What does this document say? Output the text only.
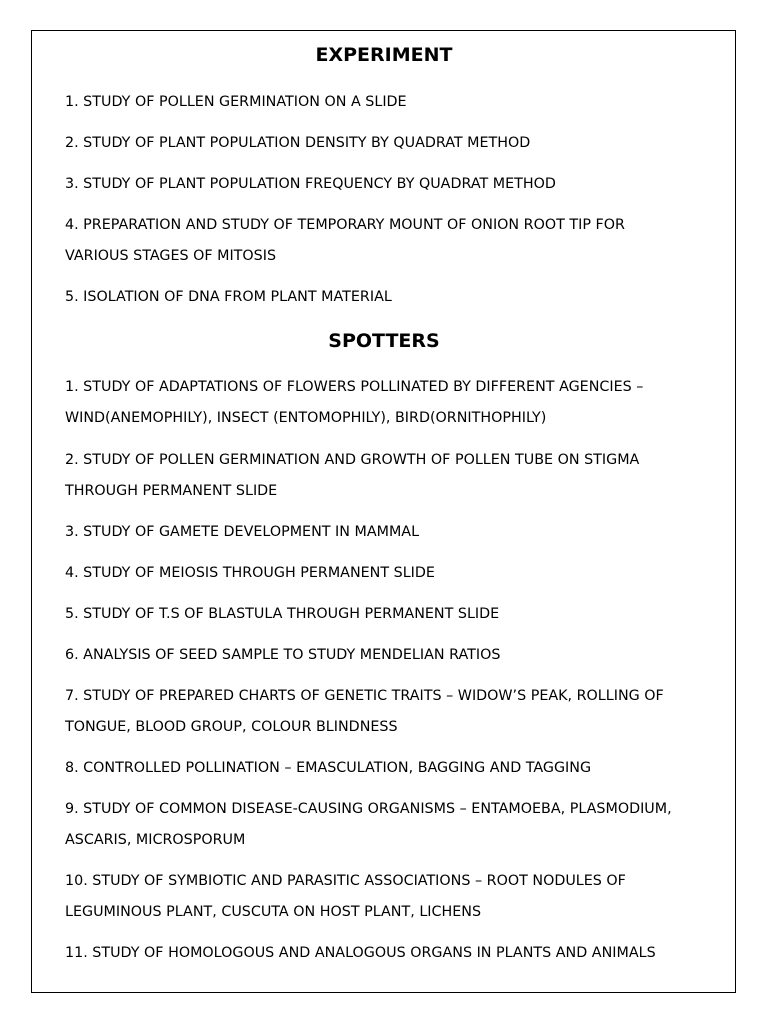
EXPERIMENT
1. STUDY OF POLLEN GERMINATION ON A SLIDE
2. STUDY OF PLANT POPULATION DENSITY BY QUADRAT METHOD
3. STUDY OF PLANT POPULATION FREQUENCY BY QUADRAT METHOD
4. PREPARATION AND STUDY OF TEMPORARY MOUNT OF ONION ROOT TIP FOR
VARIOUS STAGES OF MITOSIS
5. ISOLATION OF DNA FROM PLANT MATERIAL
SPOTTERS
1. STUDY OF ADAPTATIONS OF FLOWERS POLLINATED BY DIFFERENT AGENCIES –
WIND(ANEMOPHILY), INSECT (ENTOMOPHILY), BIRD(ORNITHOPHILY)
2. STUDY OF POLLEN GERMINATION AND GROWTH OF POLLEN TUBE ON STIGMA
THROUGH PERMANENT SLIDE
3. STUDY OF GAMETE DEVELOPMENT IN MAMMAL
4. STUDY OF MEIOSIS THROUGH PERMANENT SLIDE
5. STUDY OF T.S OF BLASTULA THROUGH PERMANENT SLIDE
6. ANALYSIS OF SEED SAMPLE TO STUDY MENDELIAN RATIOS
7. STUDY OF PREPARED CHARTS OF GENETIC TRAITS – WIDOW’S PEAK, ROLLING OF
TONGUE, BLOOD GROUP, COLOUR BLINDNESS
8. CONTROLLED POLLINATION – EMASCULATION, BAGGING AND TAGGING
9. STUDY OF COMMON DISEASE-CAUSING ORGANISMS – ENTAMOEBA, PLASMODIUM,
ASCARIS, MICROSPORUM
10. STUDY OF SYMBIOTIC AND PARASITIC ASSOCIATIONS – ROOT NODULES OF
LEGUMINOUS PLANT, CUSCUTA ON HOST PLANT, LICHENS
11. STUDY OF HOMOLOGOUS AND ANALOGOUS ORGANS IN PLANTS AND ANIMALS
